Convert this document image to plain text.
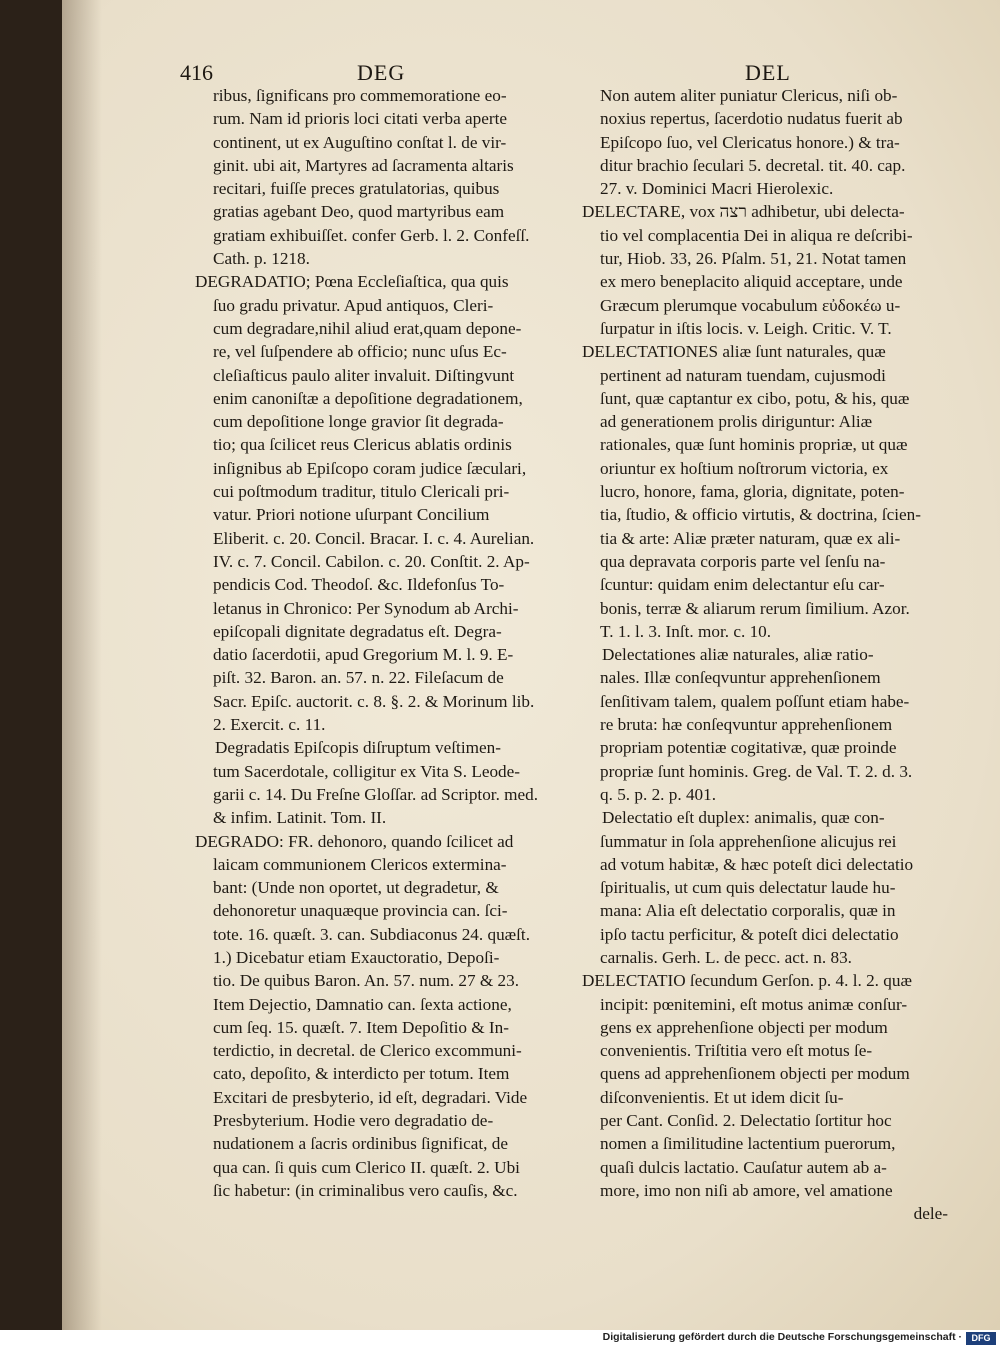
416	DEG	DEL
ribus, ſignificans pro commemoratione eo-
rum. Nam id prioris loci citati verba aperte
continent, ut ex Auguſtino conſtat l. de vir-
ginit. ubi ait, Martyres ad ſacramenta altaris
recitari, fuiſſe preces gratulatorias, quibus
gratias agebant Deo, quod martyribus eam
gratiam exhibuiſſet. confer Gerb. l. 2. Confeſſ.
Cath. p. 1218.
DEGRADATIO; Pœna Eccleſiaſtica, qua quis
ſuo gradu privatur. Apud antiquos, Cleri-
cum degradare,nihil aliud erat,quam depone-
re, vel ſuſpendere ab officio; nunc uſus Ec-
cleſiaſticus paulo aliter invaluit. Diſtingvunt
enim canoniſtæ a depoſitione degradationem,
cum depoſitione longe gravior ſit degrada-
tio; qua ſcilicet reus Clericus ablatis ordinis
inſignibus ab Epiſcopo coram judice ſæculari,
cui poſtmodum traditur, titulo Clericali pri-
vatur. Priori notione uſurpant Concilium
Eliberit. c. 20. Concil. Bracar. I. c. 4. Aurelian.
IV. c. 7. Concil. Cabilon. c. 20. Conſtit. 2. Ap-
pendicis Cod. Theodoſ. &c. Ildefonſus To-
letanus in Chronico: Per Synodum ab Archi-
epiſcopali dignitate degradatus eſt. Degra-
datio ſacerdotii, apud Gregorium M. l. 9. E-
piſt. 32. Baron. an. 57. n. 22. Fileſacum de
Sacr. Epiſc. auctorit. c. 8. §. 2. & Morinum lib.
2. Exercit. c. 11.
Degradatis Epiſcopis diſruptum veſtimen-
tum Sacerdotale, colligitur ex Vita S. Leode-
garii c. 14. Du Freſne Gloſſar. ad Scriptor. med.
& infim. Latinit. Tom. II.
DEGRADO: FR. dehonoro, quando ſcilicet ad
laicam communionem Clericos extermina-
bant: (Unde non oportet, ut degradetur, &
dehonoretur unaquæque provincia can. ſci-
tote. 16. quæſt. 3. can. Subdiaconus 24. quæſt.
1.) Dicebatur etiam Exauctoratio, Depoſi-
tio. De quibus Baron. An. 57. num. 27 & 23.
Item Dejectio, Damnatio can. ſexta actione,
cum ſeq. 15. quæſt. 7. Item Depoſitio & In-
terdictio, in decretal. de Clerico excommuni-
cato, depoſito, & interdicto per totum. Item
Excitari de presbyterio, id eſt, degradari. Vide
Presbyterium. Hodie vero degradatio de-
nudationem a ſacris ordinibus ſignificat, de
qua can. ſi quis cum Clerico II. quæſt. 2. Ubi
ſic habetur: (in criminalibus vero cauſis, &c.
Non autem aliter puniatur Clericus, niſi ob-
noxius repertus, ſacerdotio nudatus fuerit ab
Epiſcopo ſuo, vel Clericatus honore.) & tra-
ditur brachio ſeculari 5. decretal. tit. 40. cap.
27. v. Dominici Macri Hierolexic.
DELECTARE, vox רצה adhibetur, ubi delecta-
tio vel complacentia Dei in aliqua re deſcribi-
tur, Hiob. 33, 26. Pſalm. 51, 21. Notat tamen
ex mero beneplacito aliquid acceptare, unde
Græcum plerumque vocabulum εὐδοκέω u-
ſurpatur in iſtis locis. v. Leigh. Critic. V. T.
DELECTATIONES aliæ ſunt naturales, quæ
pertinent ad naturam tuendam, cujusmodi
ſunt, quæ captantur ex cibo, potu, & his, quæ
ad generationem prolis diriguntur: Aliæ
rationales, quæ ſunt hominis propriæ, ut quæ
oriuntur ex hoſtium noſtrorum victoria, ex
lucro, honore, fama, gloria, dignitate, poten-
tia, ſtudio, & officio virtutis, & doctrina, ſcien-
tia & arte: Aliæ præter naturam, quæ ex ali-
qua depravata corporis parte vel ſenſu na-
ſcuntur: quidam enim delectantur eſu car-
bonis, terræ & aliarum rerum ſimilium. Azor.
T. 1. l. 3. Inſt. mor. c. 10.
Delectationes aliæ naturales, aliæ ratio-
nales. Illæ conſeqvuntur apprehenſionem
ſenſitivam talem, qualem poſſunt etiam habe-
re bruta: hæ conſeqvuntur apprehenſionem
propriam potentiæ cogitativæ, quæ proinde
propriæ ſunt hominis. Greg. de Val. T. 2. d. 3.
q. 5. p. 2. p. 401.
Delectatio eſt duplex: animalis, quæ con-
ſummatur in ſola apprehenſione alicujus rei
ad votum habitæ, & hæc poteſt dici delectatio
ſpiritualis, ut cum quis delectatur laude hu-
mana: Alia eſt delectatio corporalis, quæ in
ipſo tactu perficitur, & poteſt dici delectatio
carnalis. Gerh. L. de pecc. act. n. 83.
DELECTATIO ſecundum Gerſon. p. 4. l. 2. quæ
incipit: pœnitemini, eſt motus animæ conſur-
gens ex apprehenſione objecti per modum
convenientis. Triſtitia vero eſt motus ſe-
quens ad apprehenſionem objecti per modum
diſconvenientis. Et ut idem dicit ſu-
per Cant. Conſid. 2. Delectatio ſortitur hoc
nomen a ſimilitudine lactentium puerorum,
quaſi dulcis lactatio. Cauſatur autem ab a-
more, imo non niſi ab amore, vel amatione
dele-
Digitalisierung gefördert durch die Deutsche Forschungsgemeinschaft ·	DFG
